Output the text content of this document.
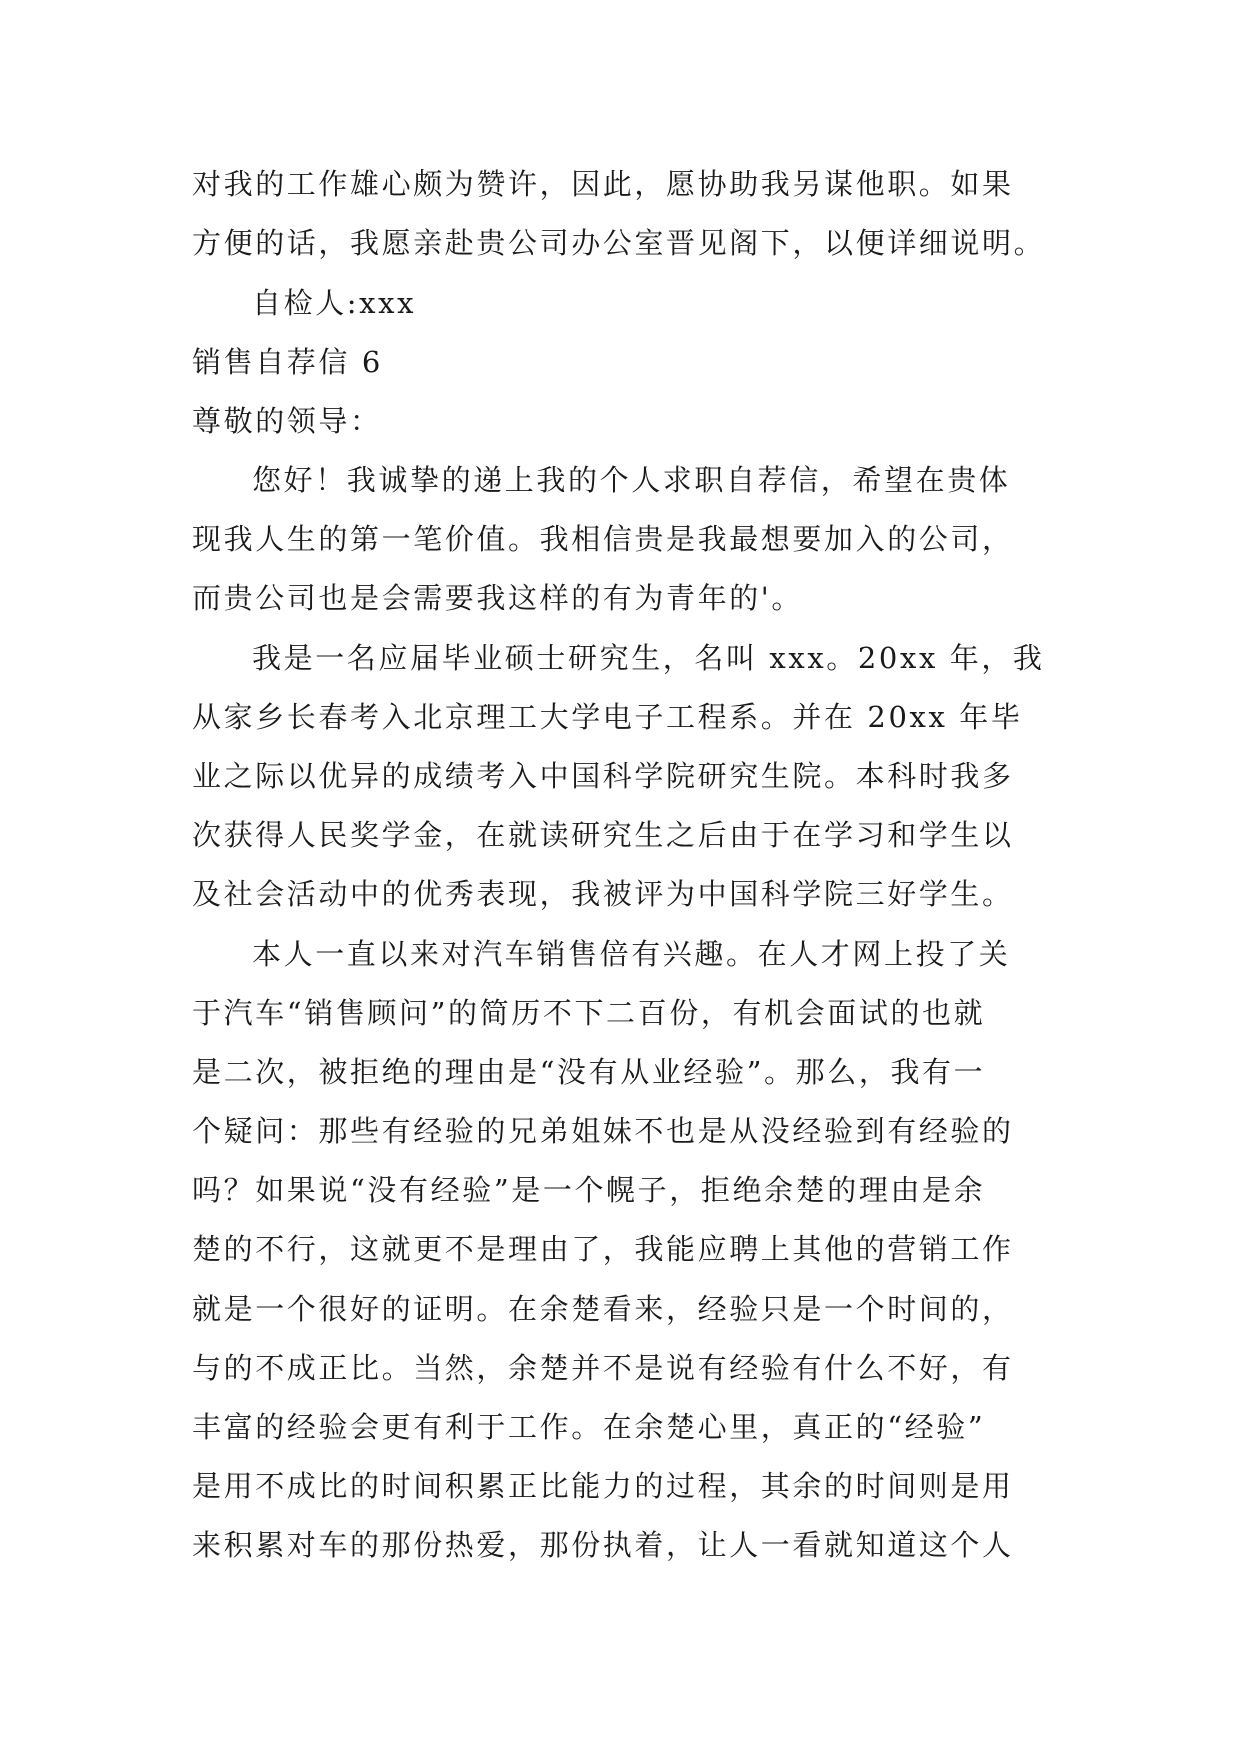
对我的工作雄心颇为赞许，因此，愿协助我另谋他职。如果
方便的话，我愿亲赴贵公司办公室晋见阁下，以便详细说明。
自检人:xxx
销售自荐信 6
尊敬的领导：
您好！我诚挚的递上我的个人求职自荐信，希望在贵体
现我人生的第一笔价值。我相信贵是我最想要加入的公司，
而贵公司也是会需要我这样的有为青年的'。
我是一名应届毕业硕士研究生，名叫 xxx。20xx 年，我
从家乡长春考入北京理工大学电子工程系。并在 20xx 年毕
业之际以优异的成绩考入中国科学院研究生院。本科时我多
次获得人民奖学金，在就读研究生之后由于在学习和学生以
及社会活动中的优秀表现，我被评为中国科学院三好学生。
本人一直以来对汽车销售倍有兴趣。在人才网上投了关
于汽车“销售顾问”的简历不下二百份，有机会面试的也就
是二次，被拒绝的理由是“没有从业经验”。那么，我有一
个疑问：那些有经验的兄弟姐妹不也是从没经验到有经验的
吗？如果说“没有经验”是一个幌子，拒绝余楚的理由是余
楚的不行，这就更不是理由了，我能应聘上其他的营销工作
就是一个很好的证明。在余楚看来，经验只是一个时间的，
与的不成正比。当然，余楚并不是说有经验有什么不好，有
丰富的经验会更有利于工作。在余楚心里，真正的“经验”
是用不成比的时间积累正比能力的过程，其余的时间则是用
来积累对车的那份热爱，那份执着，让人一看就知道这个人
